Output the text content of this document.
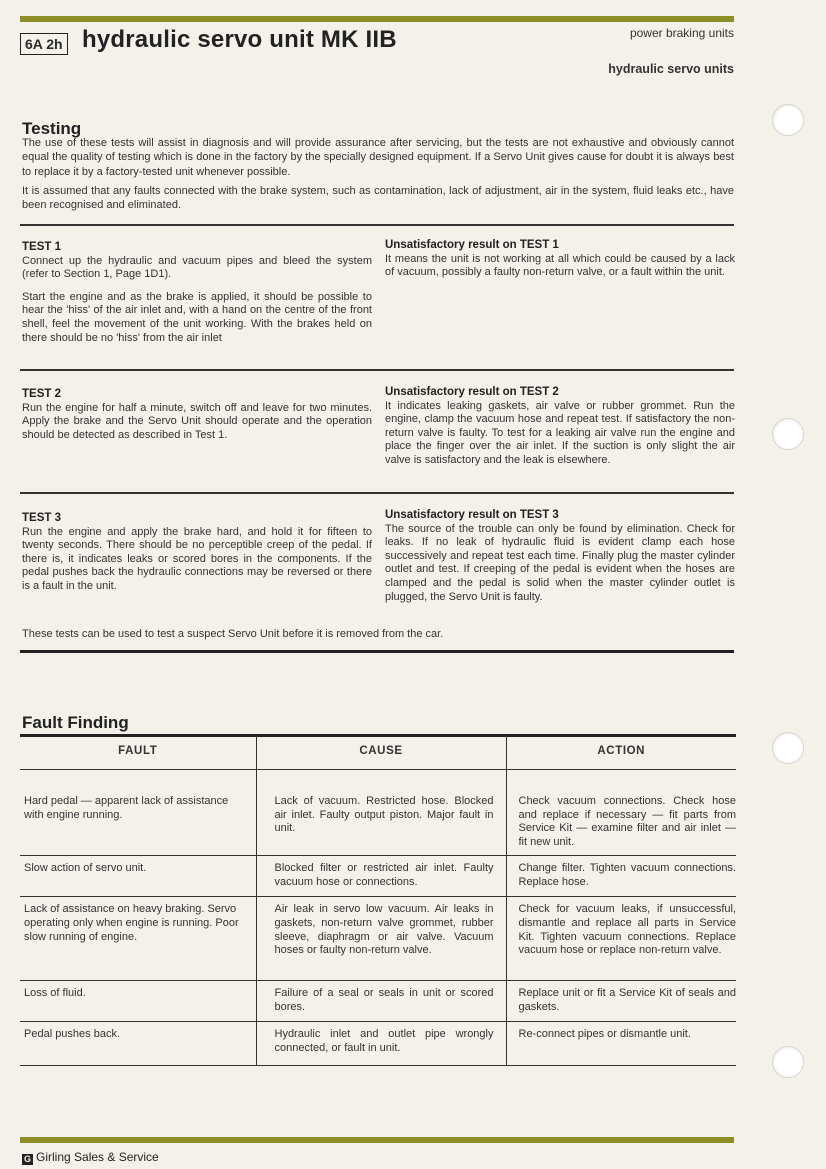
6A 2h hydraulic servo unit MK IIB	power braking units
hydraulic servo units
Testing

The use of these tests will assist in diagnosis and will provide assurance after servicing, but the tests are not exhaustive and obviously cannot equal the quality of testing which is done in the factory by the specially designed equipment. If a Servo Unit gives cause for doubt it is always best to replace it by a factory-tested unit whenever possible.

It is assumed that any faults connected with the brake system, such as contamination, lack of adjustment, air in the system, fluid leaks etc., have been recognised and eliminated.

TEST 1

Connect up the hydraulic and vacuum pipes and bleed the system (refer to Section 1, Page 1D1).

Start the engine and as the brake is applied, it should be possible to hear the 'hiss' of the air inlet and, with a hand on the centre of the front shell, feel the movement of the unit working. With the brakes held on there should be no 'hiss' from the air inlet

Unsatisfactory result on TEST 1

It means the unit is not working at all which could be caused by a lack of vacuum, possibly a faulty non-return valve, or a fault within the unit.

TEST 2

Run the engine for half a minute, switch off and leave for two minutes. Apply the brake and the Servo Unit should operate and the operation should be detected as described in Test 1.

Unsatisfactory result on TEST 2

It indicates leaking gaskets, air valve or rubber grommet. Run the engine, clamp the vacuum hose and repeat test. If satisfactory the non-return valve is faulty. To test for a leaking air valve run the engine and place the finger over the air inlet. If the suction is only slight the air valve is satisfactory and the leak is elsewhere.

TEST 3

Run the engine and apply the brake hard, and hold it for fifteen to twenty seconds. There should be no perceptible creep of the pedal. If there is, it indicates leaks or scored bores in the components. If the pedal pushes back the hydraulic connections may be reversed or there is a fault in the unit.

Unsatisfactory result on TEST 3

The source of the trouble can only be found by elimination. Check for leaks. If no leak of hydraulic fluid is evident clamp each hose successively and repeat test each time. Finally plug the master cylinder outlet and test. If creeping of the pedal is evident when the hoses are clamped and the pedal is solid when the master cylinder outlet is plugged, the Servo Unit is faulty.

These tests can be used to test a suspect Servo Unit before it is removed from the car.

Fault Finding
FAULT	CAUSE	ACTION

Hard pedal — apparent lack of assistance with engine running.	Lack of vacuum. Restricted hose. Blocked air inlet. Faulty output piston. Major fault in unit.	Check vacuum connections. Check hose and replace if necessary — fit parts from Service Kit — examine filter and air inlet — fit new unit.

Slow action of servo unit.	Blocked filter or restricted air inlet. Faulty vacuum hose or connections.	Change filter. Tighten vacuum connections. Replace hose.

Lack of assistance on heavy braking. Servo operating only when engine is running. Poor slow running of engine.	Air leak in servo low vacuum. Air leaks in gaskets, non-return valve grommet, rubber sleeve, diaphragm or air valve. Vacuum hoses or faulty non-return valve.	Check for vacuum leaks, if unsuccessful, dismantle and replace all parts in Service Kit. Tighten vacuum connections. Replace vacuum hose or replace non-return valve.

Loss of fluid.	Failure of a seal or seals in unit or scored bores.	Replace unit or fit a Service Kit of seals and gaskets.

Pedal pushes back.	Hydraulic inlet and outlet pipe wrongly connected, or fault in unit.	Re-connect pipes or dismantle unit.
G Girling Sales & Service
